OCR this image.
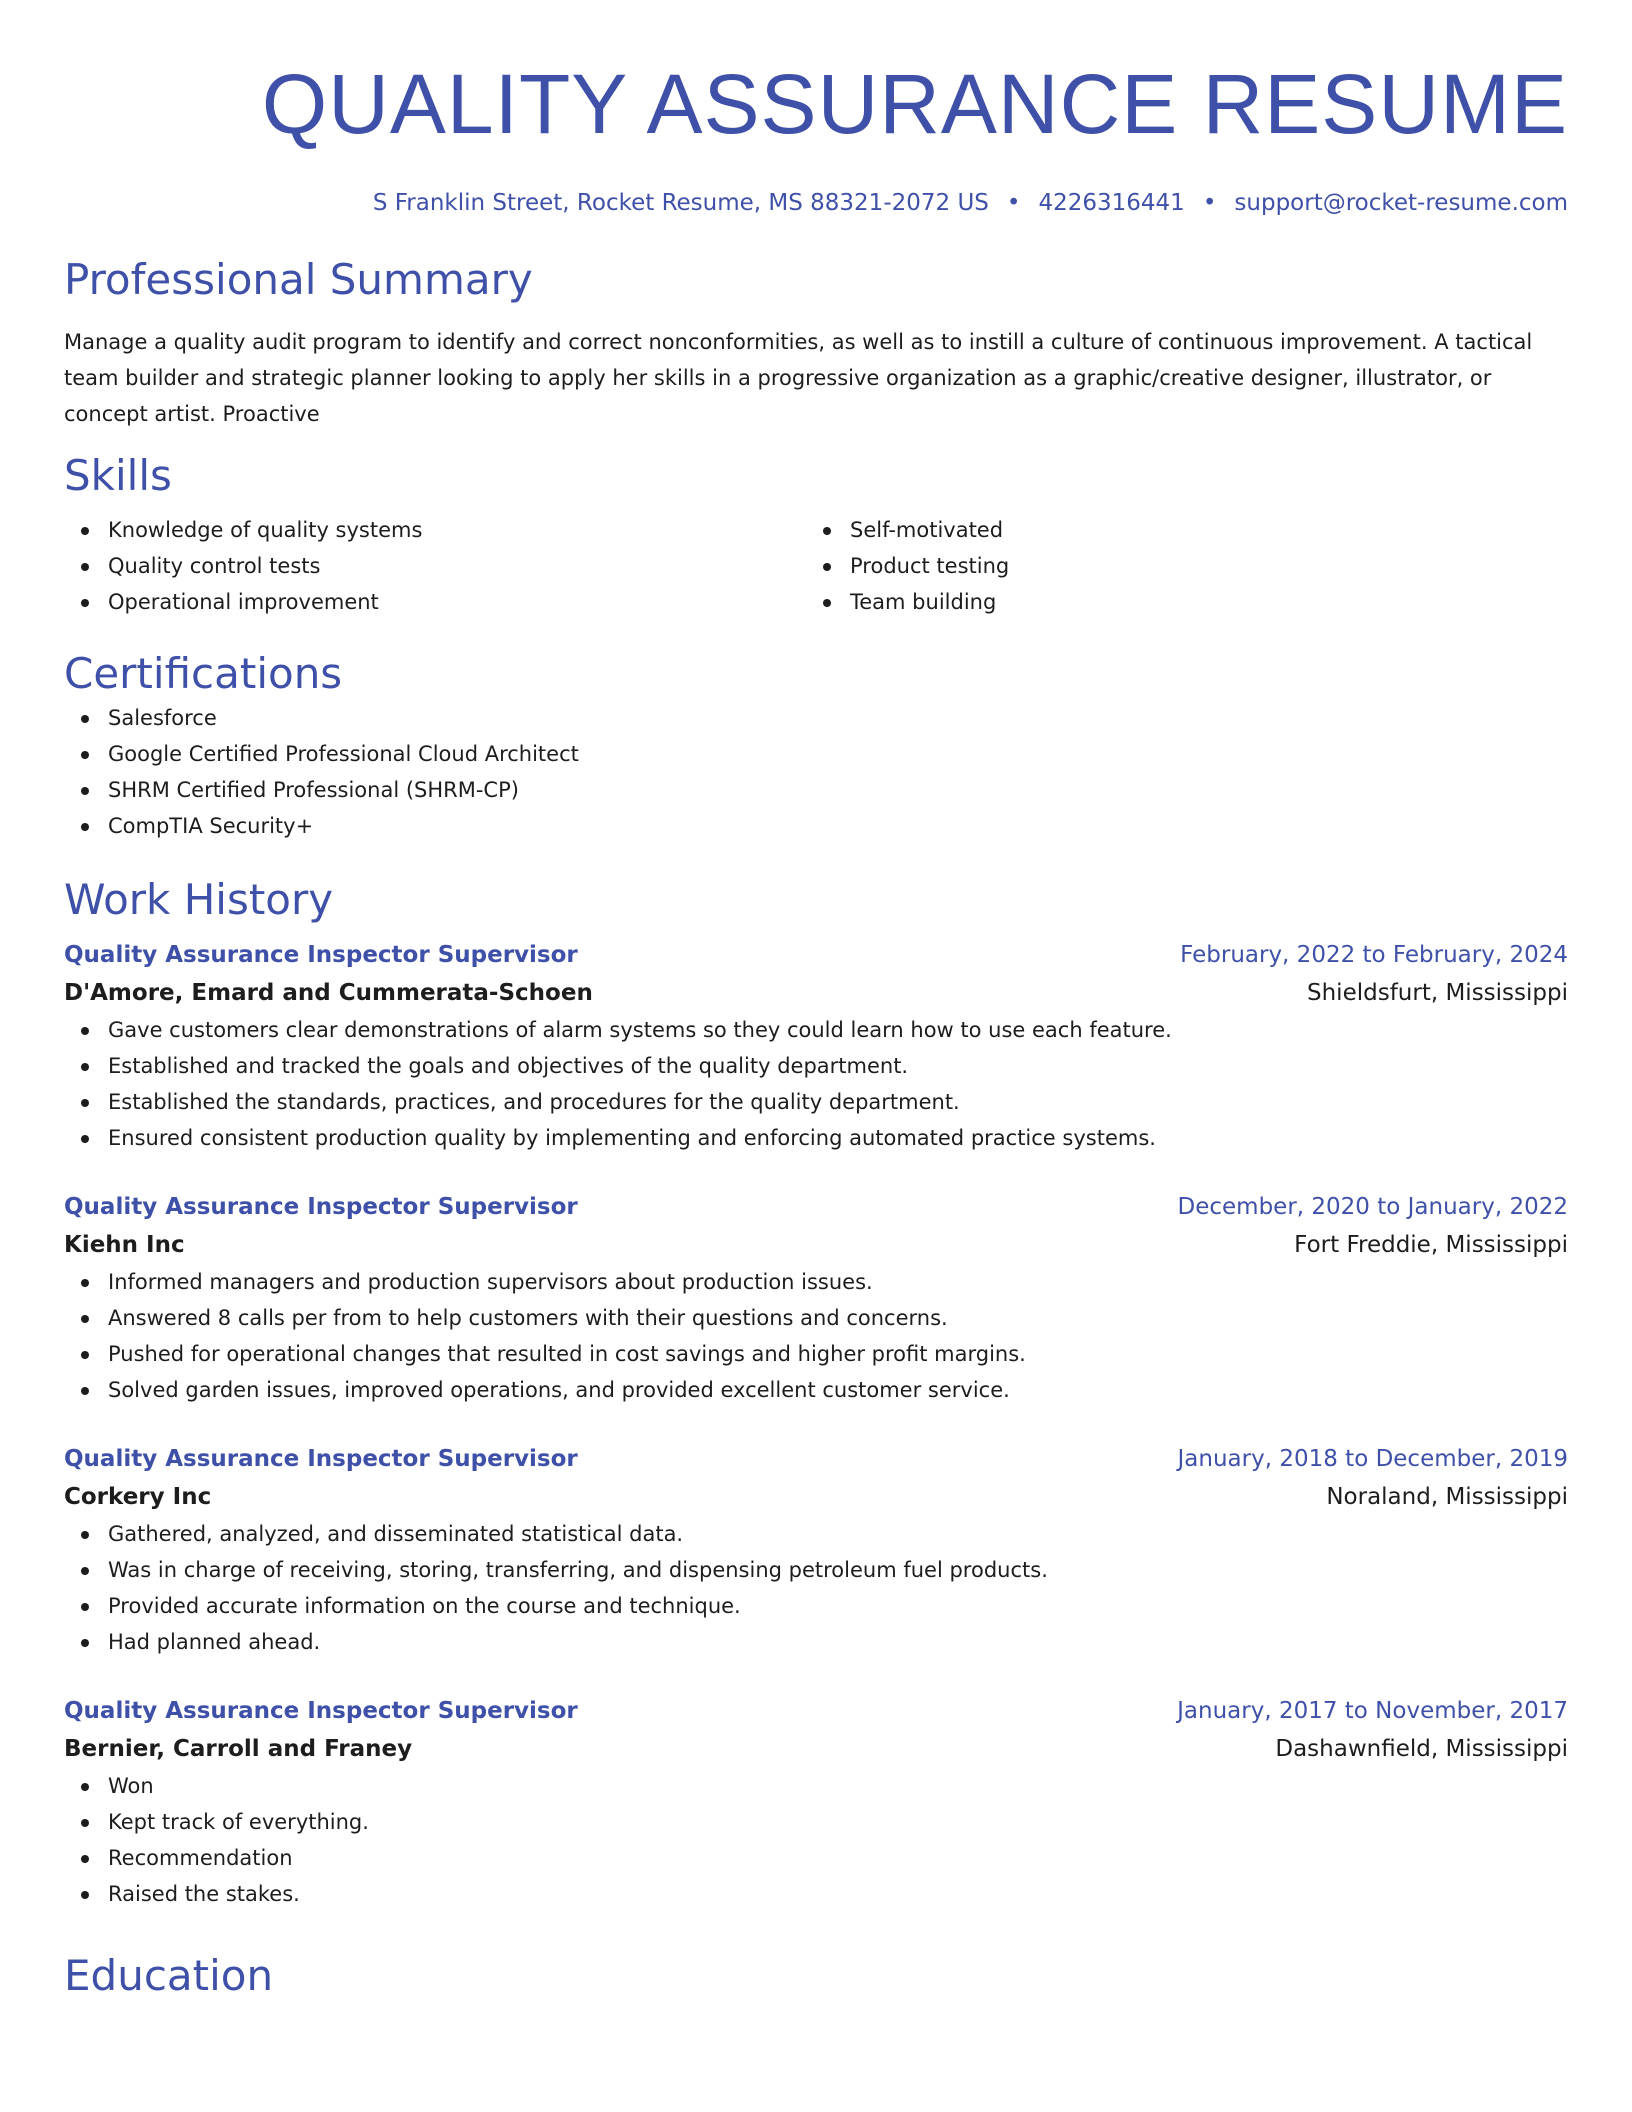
QUALITY ASSURANCE RESUME
S Franklin Street, Rocket Resume, MS 88321-2072 US • 4226316441 • support@rocket-resume.com
Professional Summary
Manage a quality audit program to identify and correct nonconformities, as well as to instill a culture of continuous improvement. A tactical team builder and strategic planner looking to apply her skills in a progressive organization as a graphic/creative designer, illustrator, or concept artist. Proactive
Skills
Knowledge of quality systems
Quality control tests
Operational improvement
Self-motivated
Product testing
Team building
Certifications
Salesforce
Google Certified Professional Cloud Architect
SHRM Certified Professional (SHRM-CP)
CompTIA Security+
Work History
Quality Assurance Inspector Supervisor	February, 2022 to February, 2024
D'Amore, Emard and Cummerata-Schoen	Shieldsfurt, Mississippi
Gave customers clear demonstrations of alarm systems so they could learn how to use each feature.
Established and tracked the goals and objectives of the quality department.
Established the standards, practices, and procedures for the quality department.
Ensured consistent production quality by implementing and enforcing automated practice systems.
Quality Assurance Inspector Supervisor	December, 2020 to January, 2022
Kiehn Inc	Fort Freddie, Mississippi
Informed managers and production supervisors about production issues.
Answered 8 calls per from to help customers with their questions and concerns.
Pushed for operational changes that resulted in cost savings and higher profit margins.
Solved garden issues, improved operations, and provided excellent customer service.
Quality Assurance Inspector Supervisor	January, 2018 to December, 2019
Corkery Inc	Noraland, Mississippi
Gathered, analyzed, and disseminated statistical data.
Was in charge of receiving, storing, transferring, and dispensing petroleum fuel products.
Provided accurate information on the course and technique.
Had planned ahead.
Quality Assurance Inspector Supervisor	January, 2017 to November, 2017
Bernier, Carroll and Franey	Dashawnfield, Mississippi
Won
Kept track of everything.
Recommendation
Raised the stakes.
Education
